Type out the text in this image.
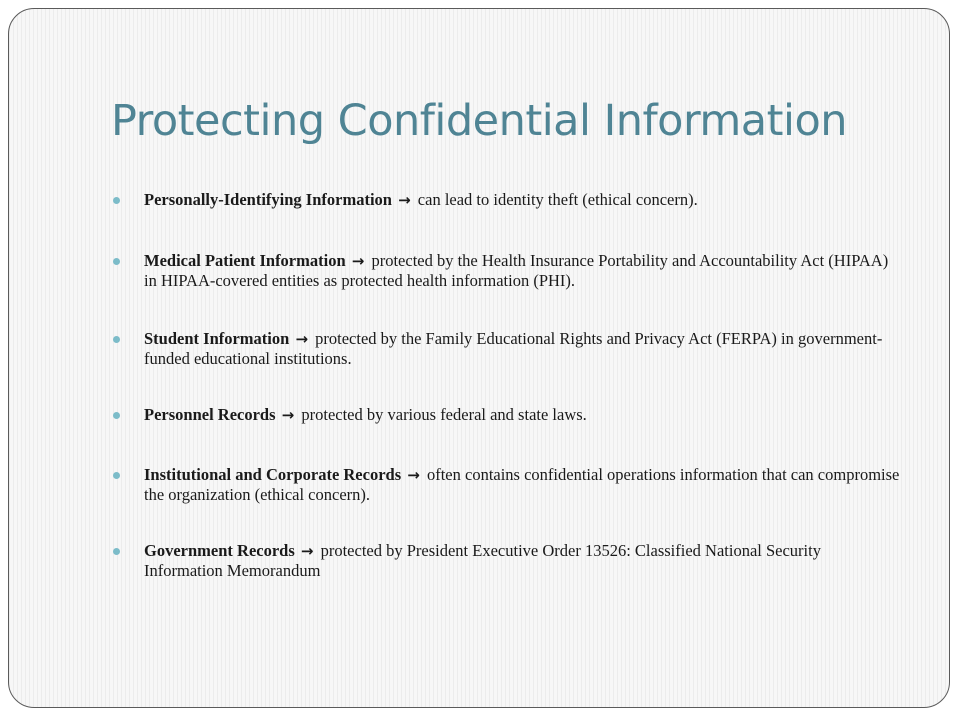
Protecting Confidential Information
Personally-Identifying Information → can lead to identity theft (ethical concern).
Medical Patient Information → protected by the Health Insurance Portability and Accountability Act (HIPAA) in HIPAA-covered entities as protected health information (PHI).
Student Information → protected by the Family Educational Rights and Privacy Act (FERPA) in government-funded educational institutions.
Personnel Records → protected by various federal and state laws.
Institutional and Corporate Records → often contains confidential operations information that can compromise the organization (ethical concern).
Government Records → protected by President Executive Order 13526: Classified National Security Information Memorandum
